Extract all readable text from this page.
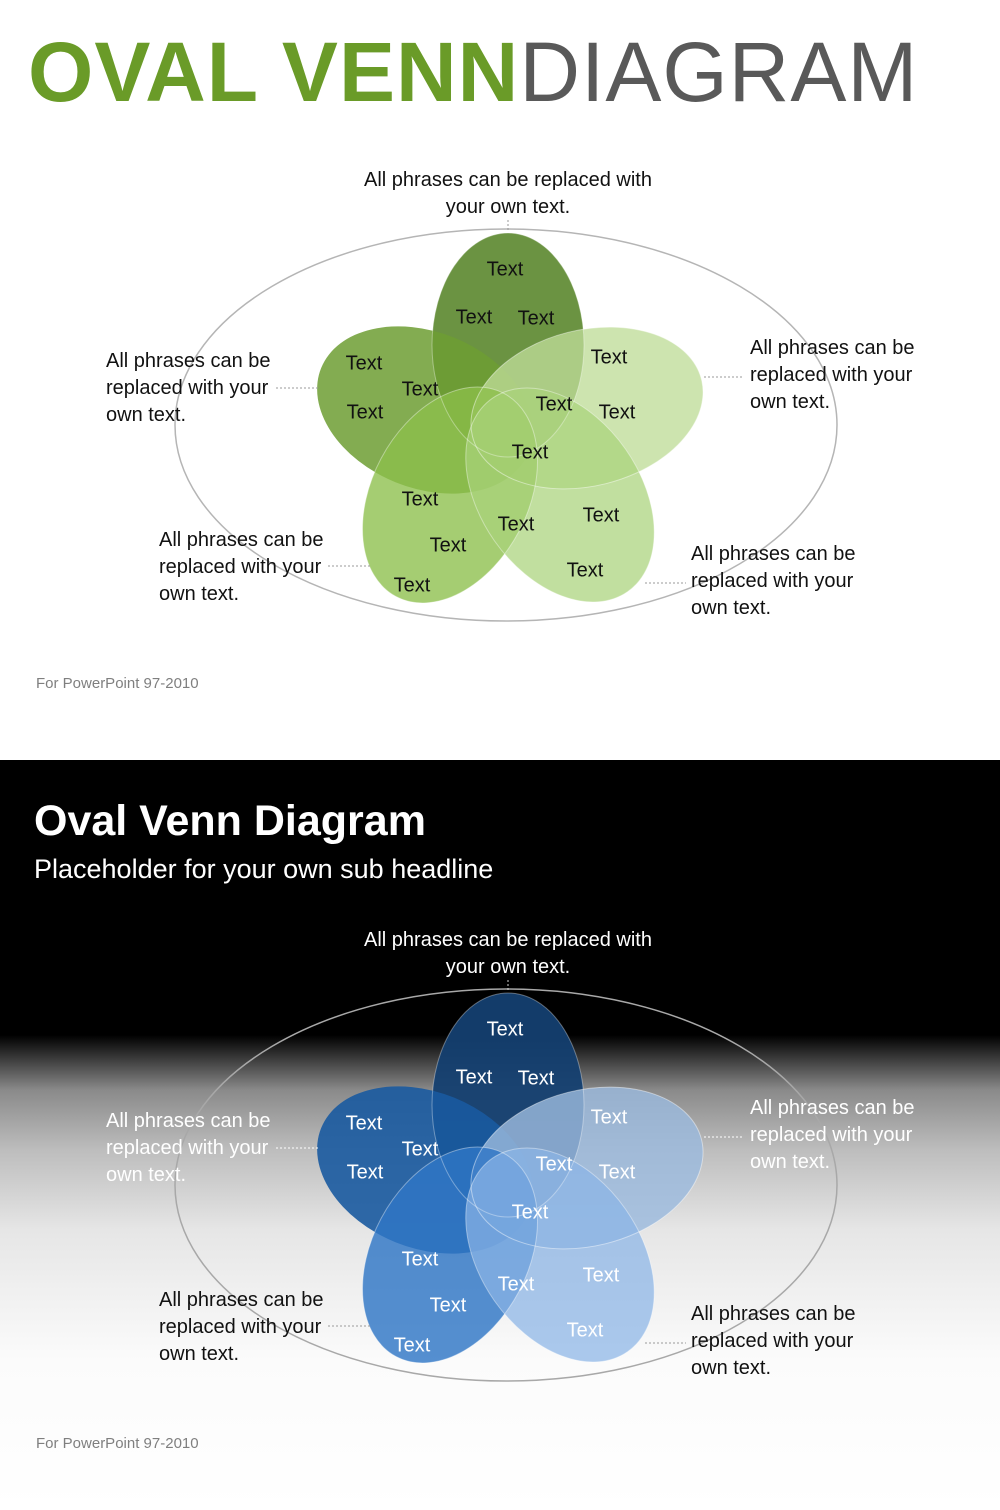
OVAL VENNDIAGRAM
All phrases can be replaced with your own text.
All phrases can be replaced with your own text.
All phrases can be replaced with your own text.
All phrases can be replaced with your own text.
All phrases can be replaced with your own text.
Text
Text Text
Text
Text
Text
Text
Text Text
Text
Text
Text Text
Text
Text
Text
For PowerPoint 97-2010
Oval Venn Diagram
Placeholder for your own sub headline
All phrases can be replaced with your own text.
All phrases can be replaced with your own text.
All phrases can be replaced with your own text.
All phrases can be replaced with your own text.
All phrases can be replaced with your own text.
Text
Text Text
Text
Text
Text
Text
Text Text
Text
Text
Text Text
Text
Text
Text
For PowerPoint 97-2010
